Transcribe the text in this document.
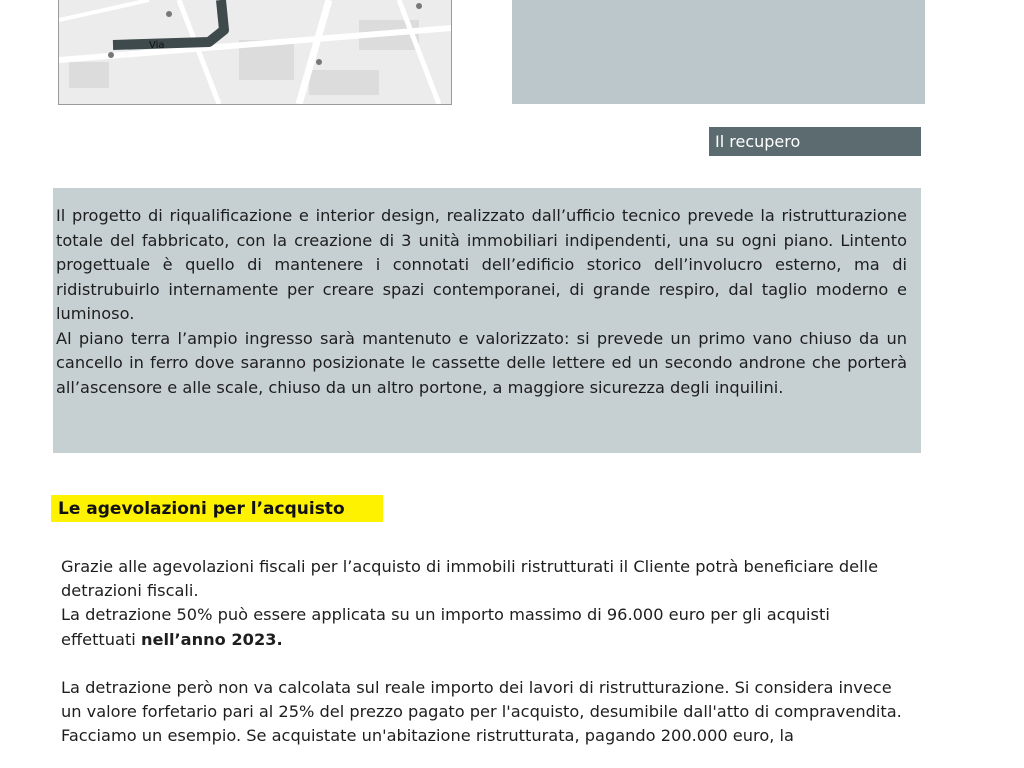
Via
Il recupero

Il progetto di riqualificazione e interior design, realizzato dall’ufficio tecnico prevede la ristrutturazione totale del fabbricato, con la creazione di 3 unità immobiliari indipendenti, una su ogni piano. Lintento progettuale è quello di mantenere i connotati dell’edificio storico dell’involucro esterno, ma di ridistrubuirlo internamente per creare spazi contemporanei, di grande respiro, dal taglio moderno e luminoso.

Al piano terra l’ampio ingresso sarà mantenuto e valorizzato: si prevede un primo vano chiuso da un cancello in ferro dove saranno posizionate le cassette delle lettere ed un secondo androne che porterà all’ascensore e alle scale, chiuso da un altro portone, a maggiore sicurezza degli inquilini.

Le agevolazioni per l’acquisto

Grazie alle agevolazioni fiscali per l’acquisto di immobili ristrutturati il Cliente potrà beneficiare delle detrazioni fiscali.

La detrazione 50% può essere applicata su un importo massimo di 96.000 euro per gli acquisti effettuati nell’anno 2023.

La detrazione però non va calcolata sul reale importo dei lavori di ristrutturazione. Si considera invece un valore forfetario pari al 25% del prezzo pagato per l'acquisto, desumibile dall'atto di compravendita.

Facciamo un esempio. Se acquistate un'abitazione ristrutturata, pagando 200.000 euro, la
